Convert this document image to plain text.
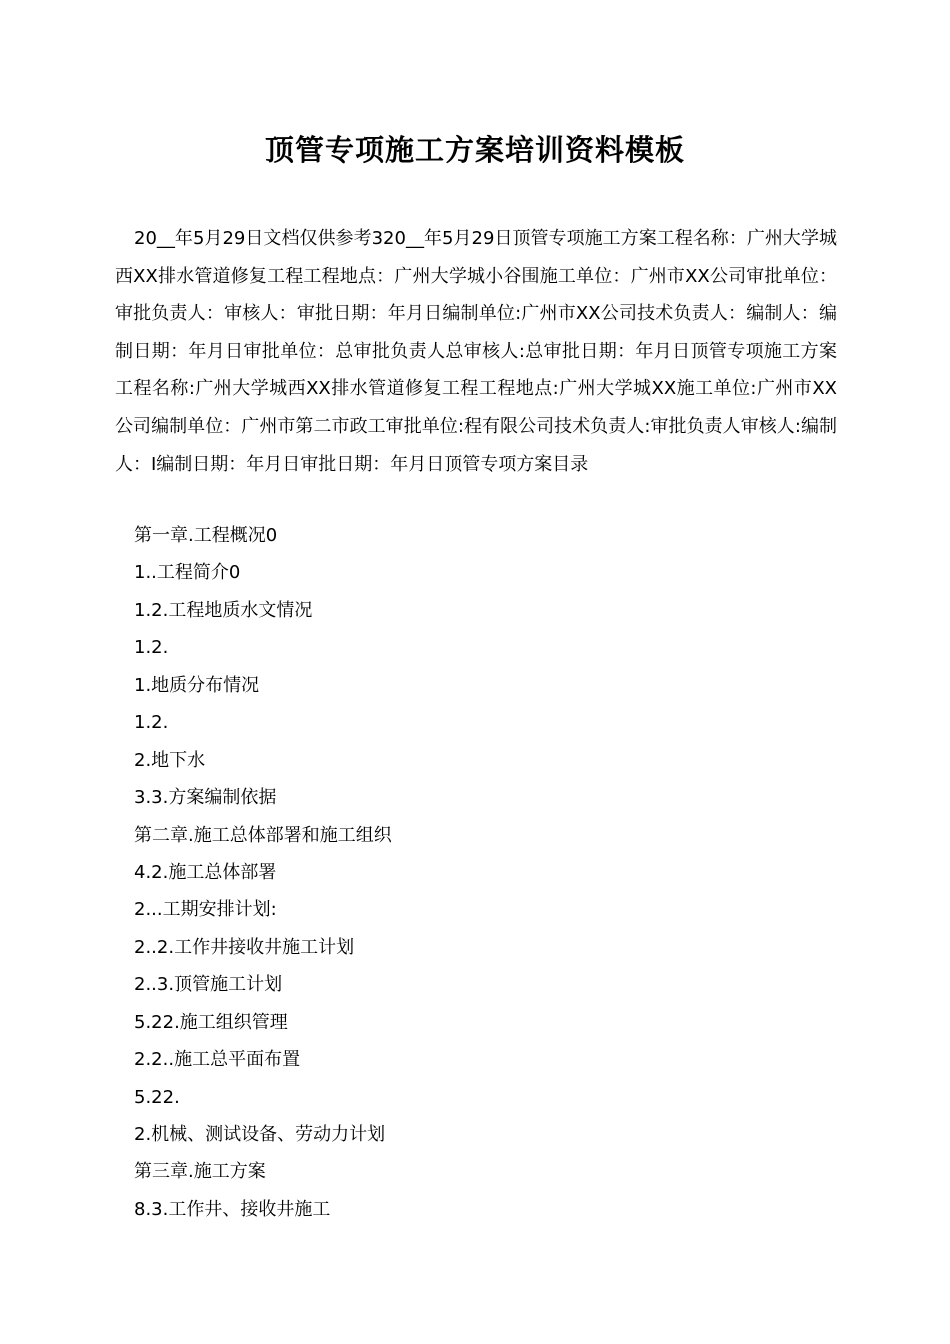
顶管专项施工方案培训资料模板

20__年5月29日文档仅供参考320__年5月29日顶管专项施工方案工程名称：广州大学城西XX排水管道修复工程工程地点：广州大学城小谷围施工单位：广州市XX公司审批单位：审批负责人：审核人：审批日期：年月日编制单位:广州市XX公司技术负责人：编制人：编制日期：年月日审批单位：总审批负责人总审核人:总审批日期：年月日顶管专项施工方案工程名称:广州大学城西XX排水管道修复工程工程地点:广州大学城XX施工单位:广州市XX公司编制单位：广州市第二市政工审批单位:程有限公司技术负责人:审批负责人审核人:编制人：I编制日期：年月日审批日期：年月日顶管专项方案目录

第一章.工程概况0
1..工程简介0
1.2.工程地质水文情况
1.2.
1.地质分布情况
1.2.
2.地下水
3.3.方案编制依据
第二章.施工总体部署和施工组织
4.2.施工总体部署
2...工期安排计划:
2..2.工作井接收井施工计划
2..3.顶管施工计划
5.22.施工组织管理
2.2..施工总平面布置
5.22.
2.机械、测试设备、劳动力计划
第三章.施工方案
8.3.工作井、接收井施工
